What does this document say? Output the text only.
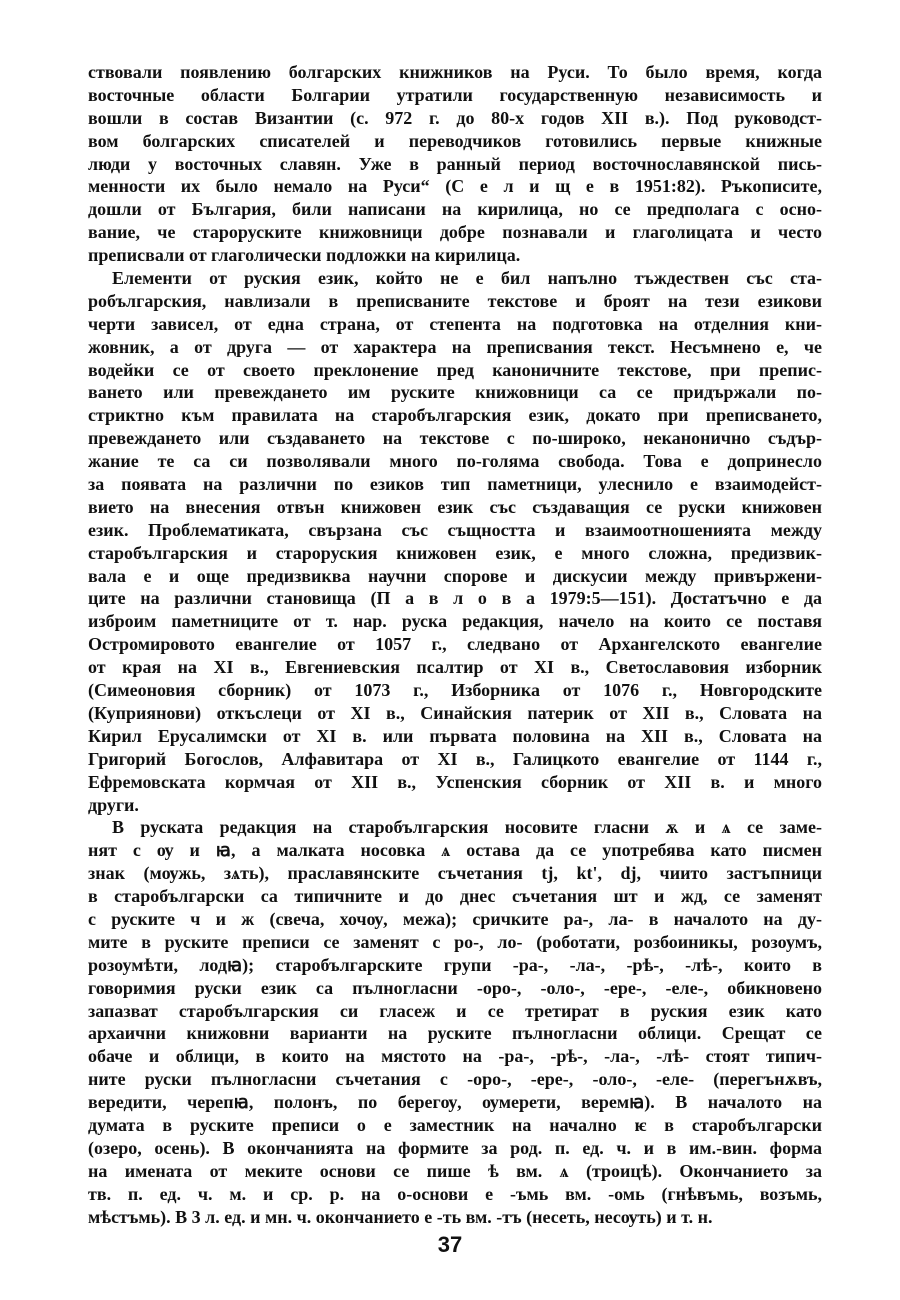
ствовали появлению болгарских книжников на Руси. То было время, когда
восточные области Болгарии утратили государственную независимость и
вошли в состав Византии (с. 972 г. до 80-х годов XII в.). Под руководст-
вом болгарских списателей и переводчиков готовились первые книжные
люди у восточных славян. Уже в ранный период восточнославянской пись-
менности их было немало на Руси“ (С е л и щ е в 1951:82). Ръкописите,
дошли от България, били написани на кирилица, но се предполага с осно-
вание, че староруските книжовници добре познавали и глаголицата и често
преписвали от глаголически подложки на кирилица.
Елементи от руския език, който не е бил напълно тъждествен със ста-
робългарския, навлизали в преписваните текстове и броят на тези езикови
черти зависел, от една страна, от степента на подготовка на отделния кни-
жовник, а от друга — от характера на преписвания текст. Несъмнено е, че
водейки се от своето преклонение пред каноничните текстове, при препис-
ването или превеждането им руските книжовници са се придържали по-
стриктно към правилата на старобългарския език, докато при преписването,
превеждането или създаването на текстове с по-широко, неканонично съдър-
жание те са си позволявали много по-голяма свобода. Това е допринесло
за появата на различни по езиков тип паметници, улеснило е взаимодейст-
вието на внесения отвън книжовен език със създаващия се руски книжовен
език. Проблематиката, свързана със същността и взаимоотношенията между
старобългарския и староруския книжовен език, е много сложна, предизвик-
вала е и още предизвиква научни спорове и дискусии между привържени-
ците на различни становища (П а в л о в а 1979:5—151). Достатъчно е да
изброим паметниците от т. нар. руска редакция, начело на които се поставя
Остромировото евангелие от 1057 г., следвано от Архангелското евангелие
от края на XI в., Евгениевския псалтир от XI в., Светославовия изборник
(Симеоновия сборник) от 1073 г., Изборника от 1076 г., Новгородските
(Куприянови) откъслеци от XI в., Синайския патерик от XII в., Словата на
Кирил Ерусалимски от XI в. или първата половина на XII в., Словата на
Григорий Богослов, Алфавитара от XI в., Галицкото евангелие от 1144 г.,
Ефремовската кормчая от XII в., Успенския сборник от XII в. и много
други.
В руската редакция на старобългарския носовите гласни ѫ и ѧ се заме-
нят с ѹ и ꙗ, а малката носовка ѧ остава да се употребява като писмен
знак (мѹжь, зѧть), праславянските съчетания tj, kt', dj, чиито застъпници
в старобългарски са типичните и до днес съчетания шт и жд, се заменят
с руските ч и ж (свеча, хочѹ, межа); сричките ра-, ла- в началото на ду-
мите в руските преписи се заменят с ро-, ло- (роботати, розбоиникы, розоумъ,
розоумѣти, лодꙗ); старобългарските групи -ра-, -ла-, -рѣ-, -лѣ-, които в
говоримия руски език са пълногласни -оро-, -оло-, -ере-, -еле-, обикновено
запазват старобългарския си гласеж и се третират в руския език като
архаични книжовни варианти на руските пълногласни облици. Срещат се
обаче и облици, в които на мястото на -ра-, -рѣ-, -ла-, -лѣ- стоят типич-
ните руски пълногласни съчетания с -оро-, -ере-, -оло-, -еле- (перегънѫвъ,
вередити, черепꙗ, полонъ, по берегѹ, ѹмерети, веремꙗ). В началото на
думата в руските преписи о е заместник на начално ѥ в старобългарски
(озеро, осень). В окончанията на формите за род. п. ед. ч. и в им.-вин. форма
на имената от меките основи се пише ѣ вм. ѧ (троицѣ). Окончанието за
тв. п. ед. ч. м. и ср. р. на о-основи е -ъмь вм. -омь (гнѣвъмь, возъмь,
мѣстъмь). В 3 л. ед. и мн. ч. окончанието е -ть вм. -тъ (несеть, несѹть) и т. н.
37
